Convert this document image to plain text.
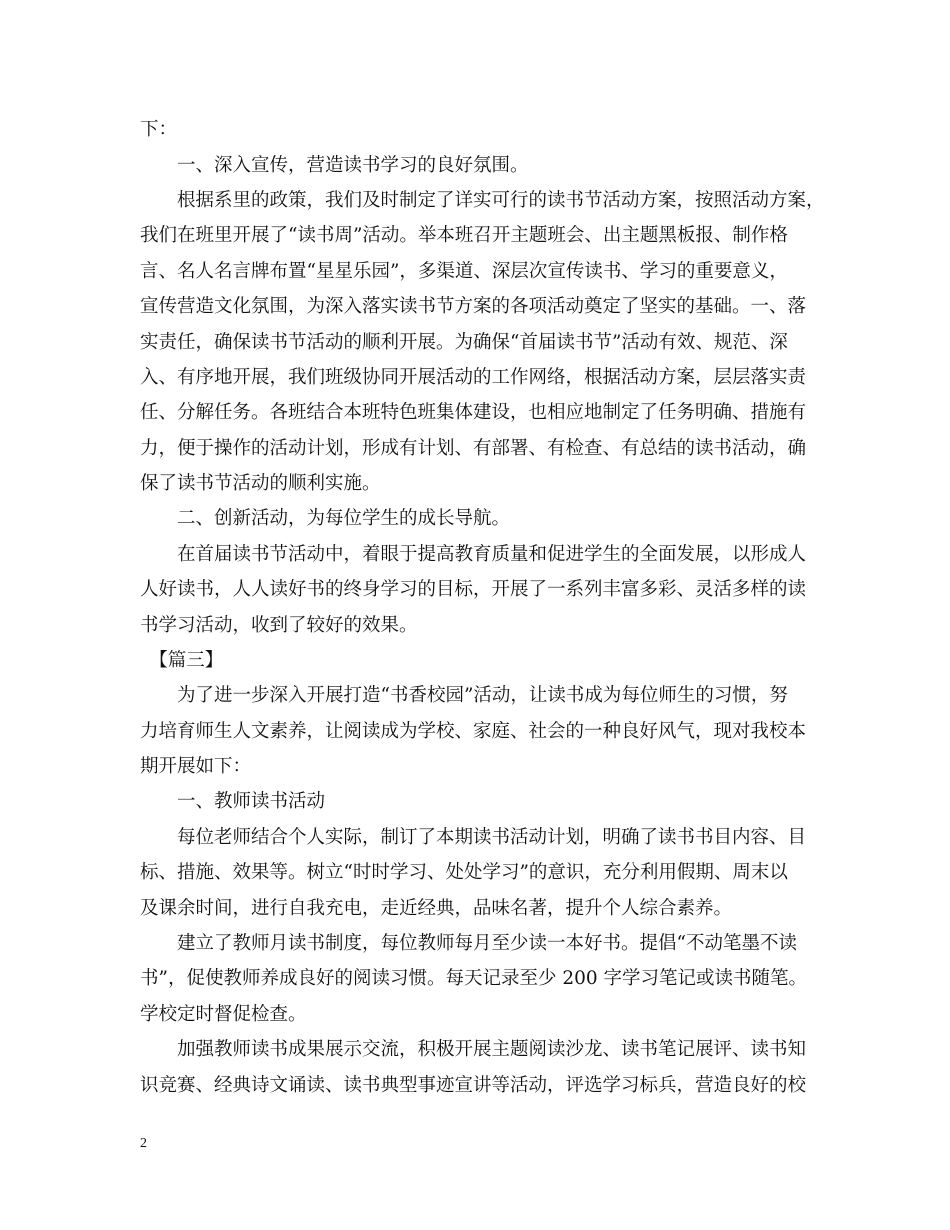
下：

　　一、深入宣传，营造读书学习的良好氛围。

　　根据系里的政策，我们及时制定了详实可行的读书节活动方案，按照活动方案，

我们在班里开展了“读书周”活动。举本班召开主题班会、出主题黑板报、制作格

言、名人名言牌布置“星星乐园”，多渠道、深层次宣传读书、学习的重要意义，

宣传营造文化氛围，为深入落实读书节方案的各项活动奠定了坚实的基础。一、落

实责任，确保读书节活动的顺利开展。为确保“首届读书节”活动有效、规范、深

入、有序地开展，我们班级协同开展活动的工作网络，根据活动方案，层层落实责

任、分解任务。各班结合本班特色班集体建设，也相应地制定了任务明确、措施有

力，便于操作的活动计划，形成有计划、有部署、有检查、有总结的读书活动，确

保了读书节活动的顺利实施。

　　二、创新活动，为每位学生的成长导航。

　　在首届读书节活动中，着眼于提高教育质量和促进学生的全面发展，以形成人

人好读书，人人读好书的终身学习的目标，开展了一系列丰富多彩、灵活多样的读

书学习活动，收到了较好的效果。

　【篇三】

　　为了进一步深入开展打造“书香校园”活动，让读书成为每位师生的习惯，努

力培育师生人文素养，让阅读成为学校、家庭、社会的一种良好风气，现对我校本

期开展如下：

　　一、教师读书活动

　　每位老师结合个人实际，制订了本期读书活动计划，明确了读书书目内容、目

标、措施、效果等。树立“时时学习、处处学习”的意识，充分利用假期、周末以

及课余时间，进行自我充电，走近经典，品味名著，提升个人综合素养。

　　建立了教师月读书制度，每位教师每月至少读一本好书。提倡“不动笔墨不读

书”，促使教师养成良好的阅读习惯。每天记录至少 200 字学习笔记或读书随笔。

学校定时督促检查。

　　加强教师读书成果展示交流，积极开展主题阅读沙龙、读书笔记展评、读书知

识竞赛、经典诗文诵读、读书典型事迹宣讲等活动，评选学习标兵，营造良好的校

2
